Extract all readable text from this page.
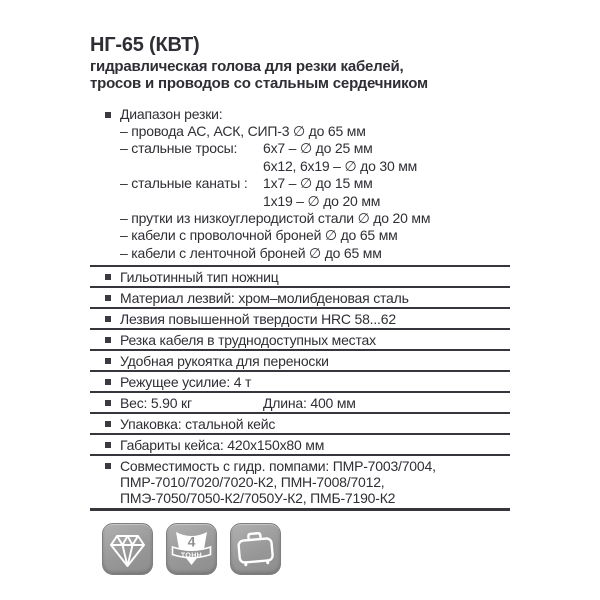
НГ-65 (КВТ)
гидравлическая голова для резки кабелей,
тросов и проводов со стальным сердечником
Диапазон резки:
– провода АС, АСК, СИП-3 ∅ до 65 мм
– стальные тросы: 6х7 – ∅ до 25 мм
6х12, 6х19 – ∅ до 30 мм
– стальные канаты : 1х7 – ∅ до 15 мм
1х19 – ∅ до 20 мм
– прутки из низкоуглеродистой стали ∅ до 20 мм
– кабели с проволочной броней ∅ до 65 мм
– кабели с ленточной броней ∅ до 65 мм
Гильотинный тип ножниц
Материал лезвий: хром–молибденовая сталь
Лезвия повышенной твердости HRC 58...62
Резка кабеля в труднодоступных местах
Удобная рукоятка для переноски
Режущее усилие: 4 т
Вес: 5.90 кг	Длина: 400 мм
Упаковка: стальной кейс
Габариты кейса: 420х150х80 мм
Совместимость с гидр. помпами: ПМР-7003/7004,
ПМР-7010/7020/7020-К2, ПМН-7008/7012,
ПМЭ-7050/7050-К2/7050У-К2, ПМБ-7190-К2
4
ТОНН
